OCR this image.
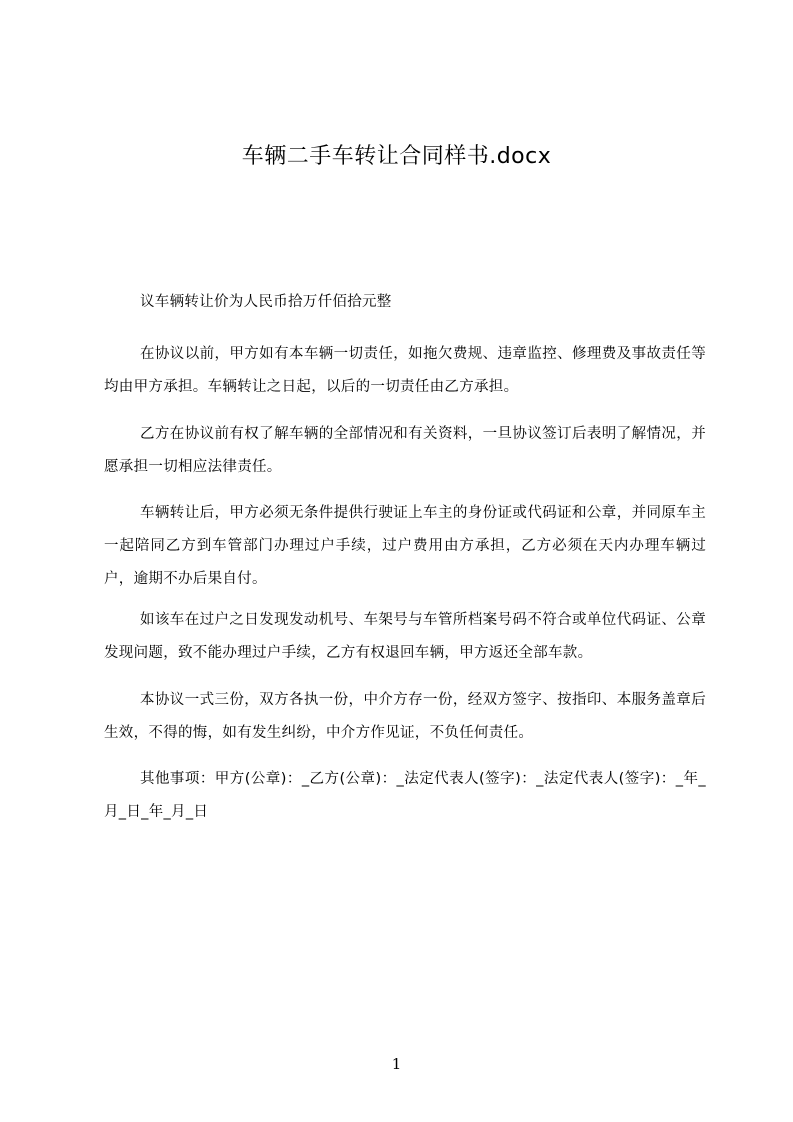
车辆二手车转让合同样书.docx
议车辆转让价为人民币拾万仟佰拾元整
在协议以前，甲方如有本车辆一切责任，如拖欠费规、违章监控、修理费及事故责任等均由甲方承担。车辆转让之日起，以后的一切责任由乙方承担。
乙方在协议前有权了解车辆的全部情况和有关资料，一旦协议签订后表明了解情况，并愿承担一切相应法律责任。
车辆转让后，甲方必须无条件提供行驶证上车主的身份证或代码证和公章，并同原车主一起陪同乙方到车管部门办理过户手续，过户费用由方承担，乙方必须在天内办理车辆过户，逾期不办后果自付。
如该车在过户之日发现发动机号、车架号与车管所档案号码不符合或单位代码证、公章发现问题，致不能办理过户手续，乙方有权退回车辆，甲方返还全部车款。
本协议一式三份，双方各执一份，中介方存一份，经双方签字、按指印、本服务盖章后生效，不得的悔，如有发生纠纷，中介方作见证，不负任何责任。
其他事项：甲方(公章)：_乙方(公章)：_法定代表人(签字)：_法定代表人(签字)：_年_月_日_年_月_日
1
